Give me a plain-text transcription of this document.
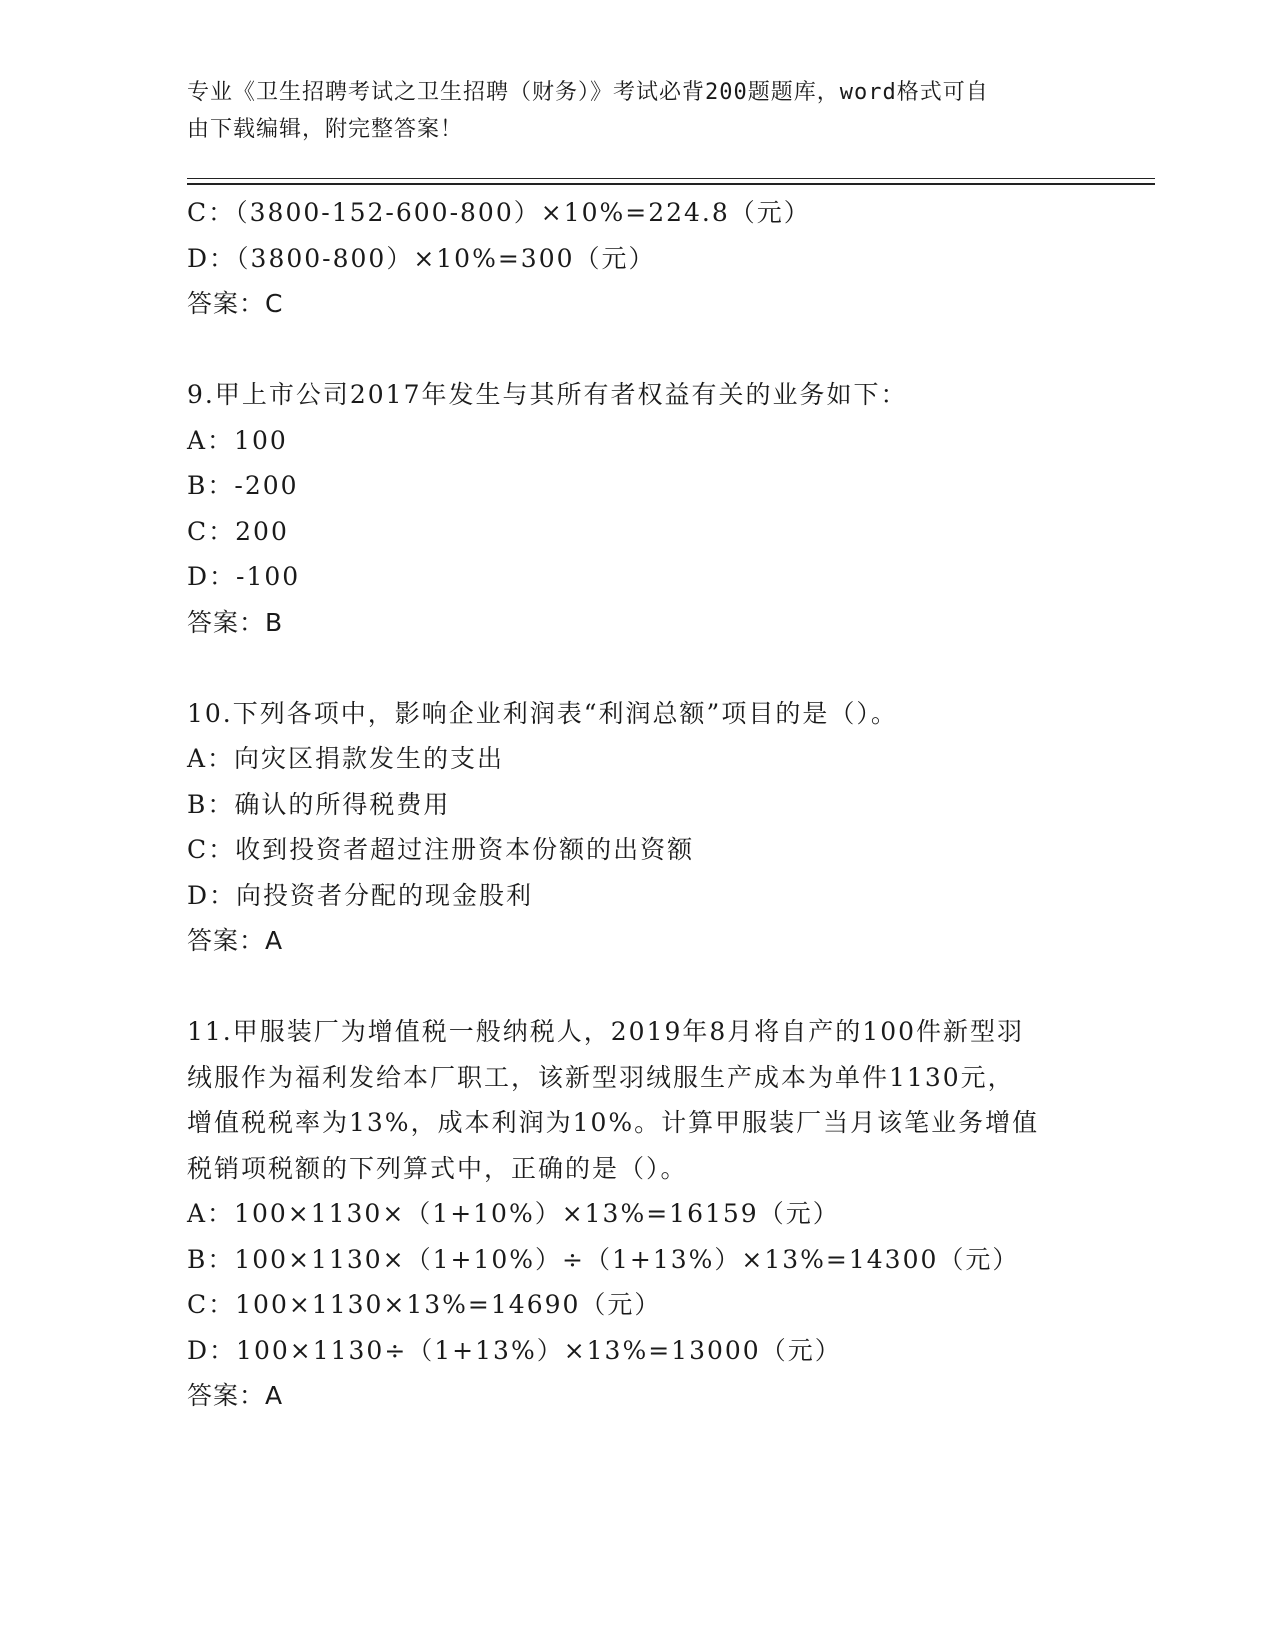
专业《卫生招聘考试之卫生招聘（财务）》考试必背200题题库，word格式可自
由下载编辑，附完整答案！
C：（3800-152-600-800）×10%=224.8（元）
D：（3800-800）×10%=300（元）
答案：C
9.甲上市公司2017年发生与其所有者权益有关的业务如下：
A：100
B：-200
C：200
D：-100
答案：B
10.下列各项中，影响企业利润表“利润总额”项目的是（）。
A：向灾区捐款发生的支出
B：确认的所得税费用
C：收到投资者超过注册资本份额的出资额
D：向投资者分配的现金股利
答案：A
11.甲服装厂为增值税一般纳税人，2019年8月将自产的100件新型羽
绒服作为福利发给本厂职工，该新型羽绒服生产成本为单件1130元，
增值税税率为13%，成本利润为10%。计算甲服装厂当月该笔业务增值
税销项税额的下列算式中，正确的是（）。
A：100×1130×（1+10%）×13%=16159（元）
B：100×1130×（1+10%）÷（1+13%）×13%=14300（元）
C：100×1130×13%=14690（元）
D：100×1130÷（1+13%）×13%=13000（元）
答案：A
